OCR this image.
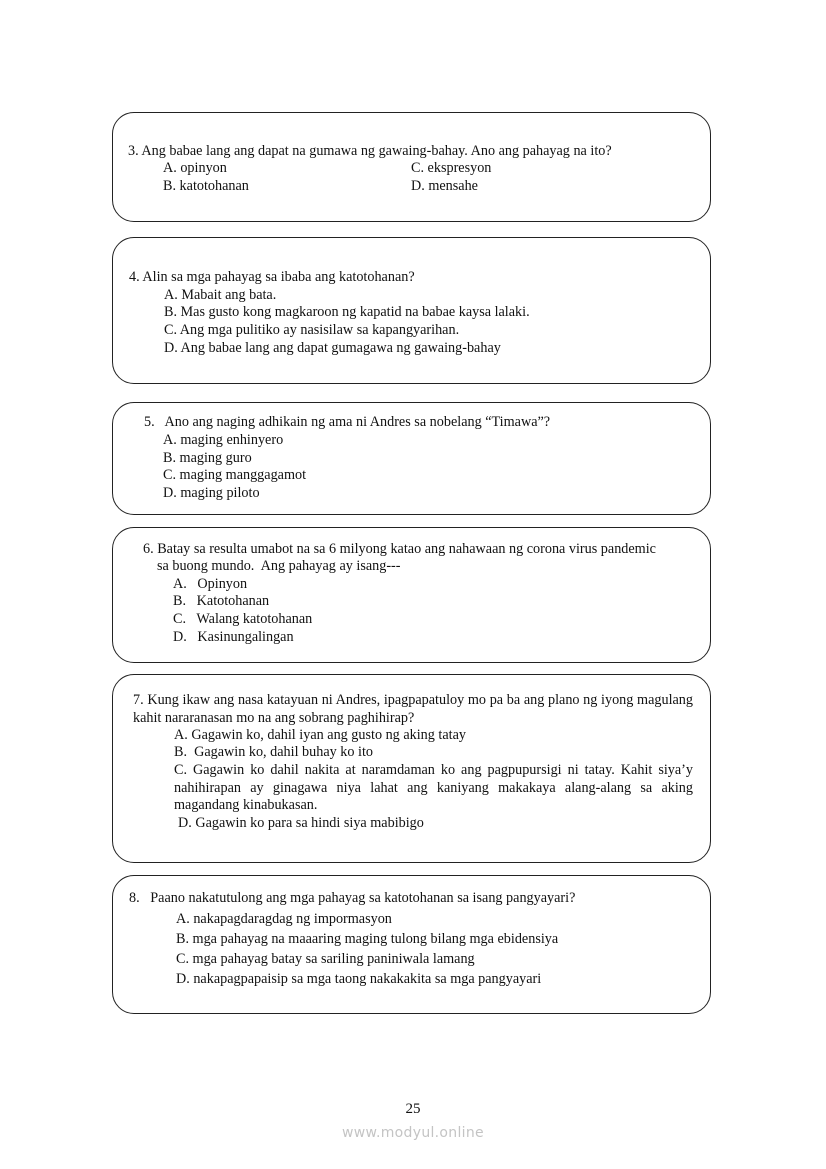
3. Ang babae lang ang dapat na gumawa ng gawaing-bahay. Ano ang pahayag na ito?
A. opinyon
B. katotohanan
C. ekspresyon
D. mensahe
4. Alin sa mga pahayag sa ibaba ang katotohanan?
A. Mabait ang bata.
B. Mas gusto kong magkaroon ng kapatid na babae kaysa lalaki.
C. Ang mga pulitiko ay nasisilaw sa kapangyarihan.
D. Ang babae lang ang dapat gumagawa ng gawaing-bahay
5.   Ano ang naging adhikain ng ama ni Andres sa nobelang “Timawa”?
A. maging enhinyero
B. maging guro
C. maging manggagamot
D. maging piloto
6. Batay sa resulta umabot na sa 6 milyong katao ang nahawaan ng corona virus pandemic
sa buong mundo.  Ang pahayag ay isang---
A.   Opinyon
B.   Katotohanan
C.   Walang katotohanan
D.   Kasinungalingan
7. Kung ikaw ang nasa katayuan ni Andres, ipagpapatuloy mo pa ba ang plano ng iyong magulang kahit nararanasan mo na ang sobrang paghihirap?
A. Gagawin ko, dahil iyan ang gusto ng aking tatay
B.  Gagawin ko, dahil buhay ko ito
C. Gagawin ko dahil nakita at naramdaman ko ang pagpupursigi ni tatay. Kahit siya’y nahihirapan ay ginagawa niya lahat ang kaniyang makakaya alang-alang sa aking magandang kinabukasan.
D. Gagawin ko para sa hindi siya mabibigo
8.   Paano nakatutulong ang mga pahayag sa katotohanan sa isang pangyayari?
A. nakapagdaragdag ng impormasyon
B. mga pahayag na maaaring maging tulong bilang mga ebidensiya
C. mga pahayag batay sa sariling paniniwala lamang
D. nakapagpapaisip sa mga taong nakakakita sa mga pangyayari
25
www.modyul.online
